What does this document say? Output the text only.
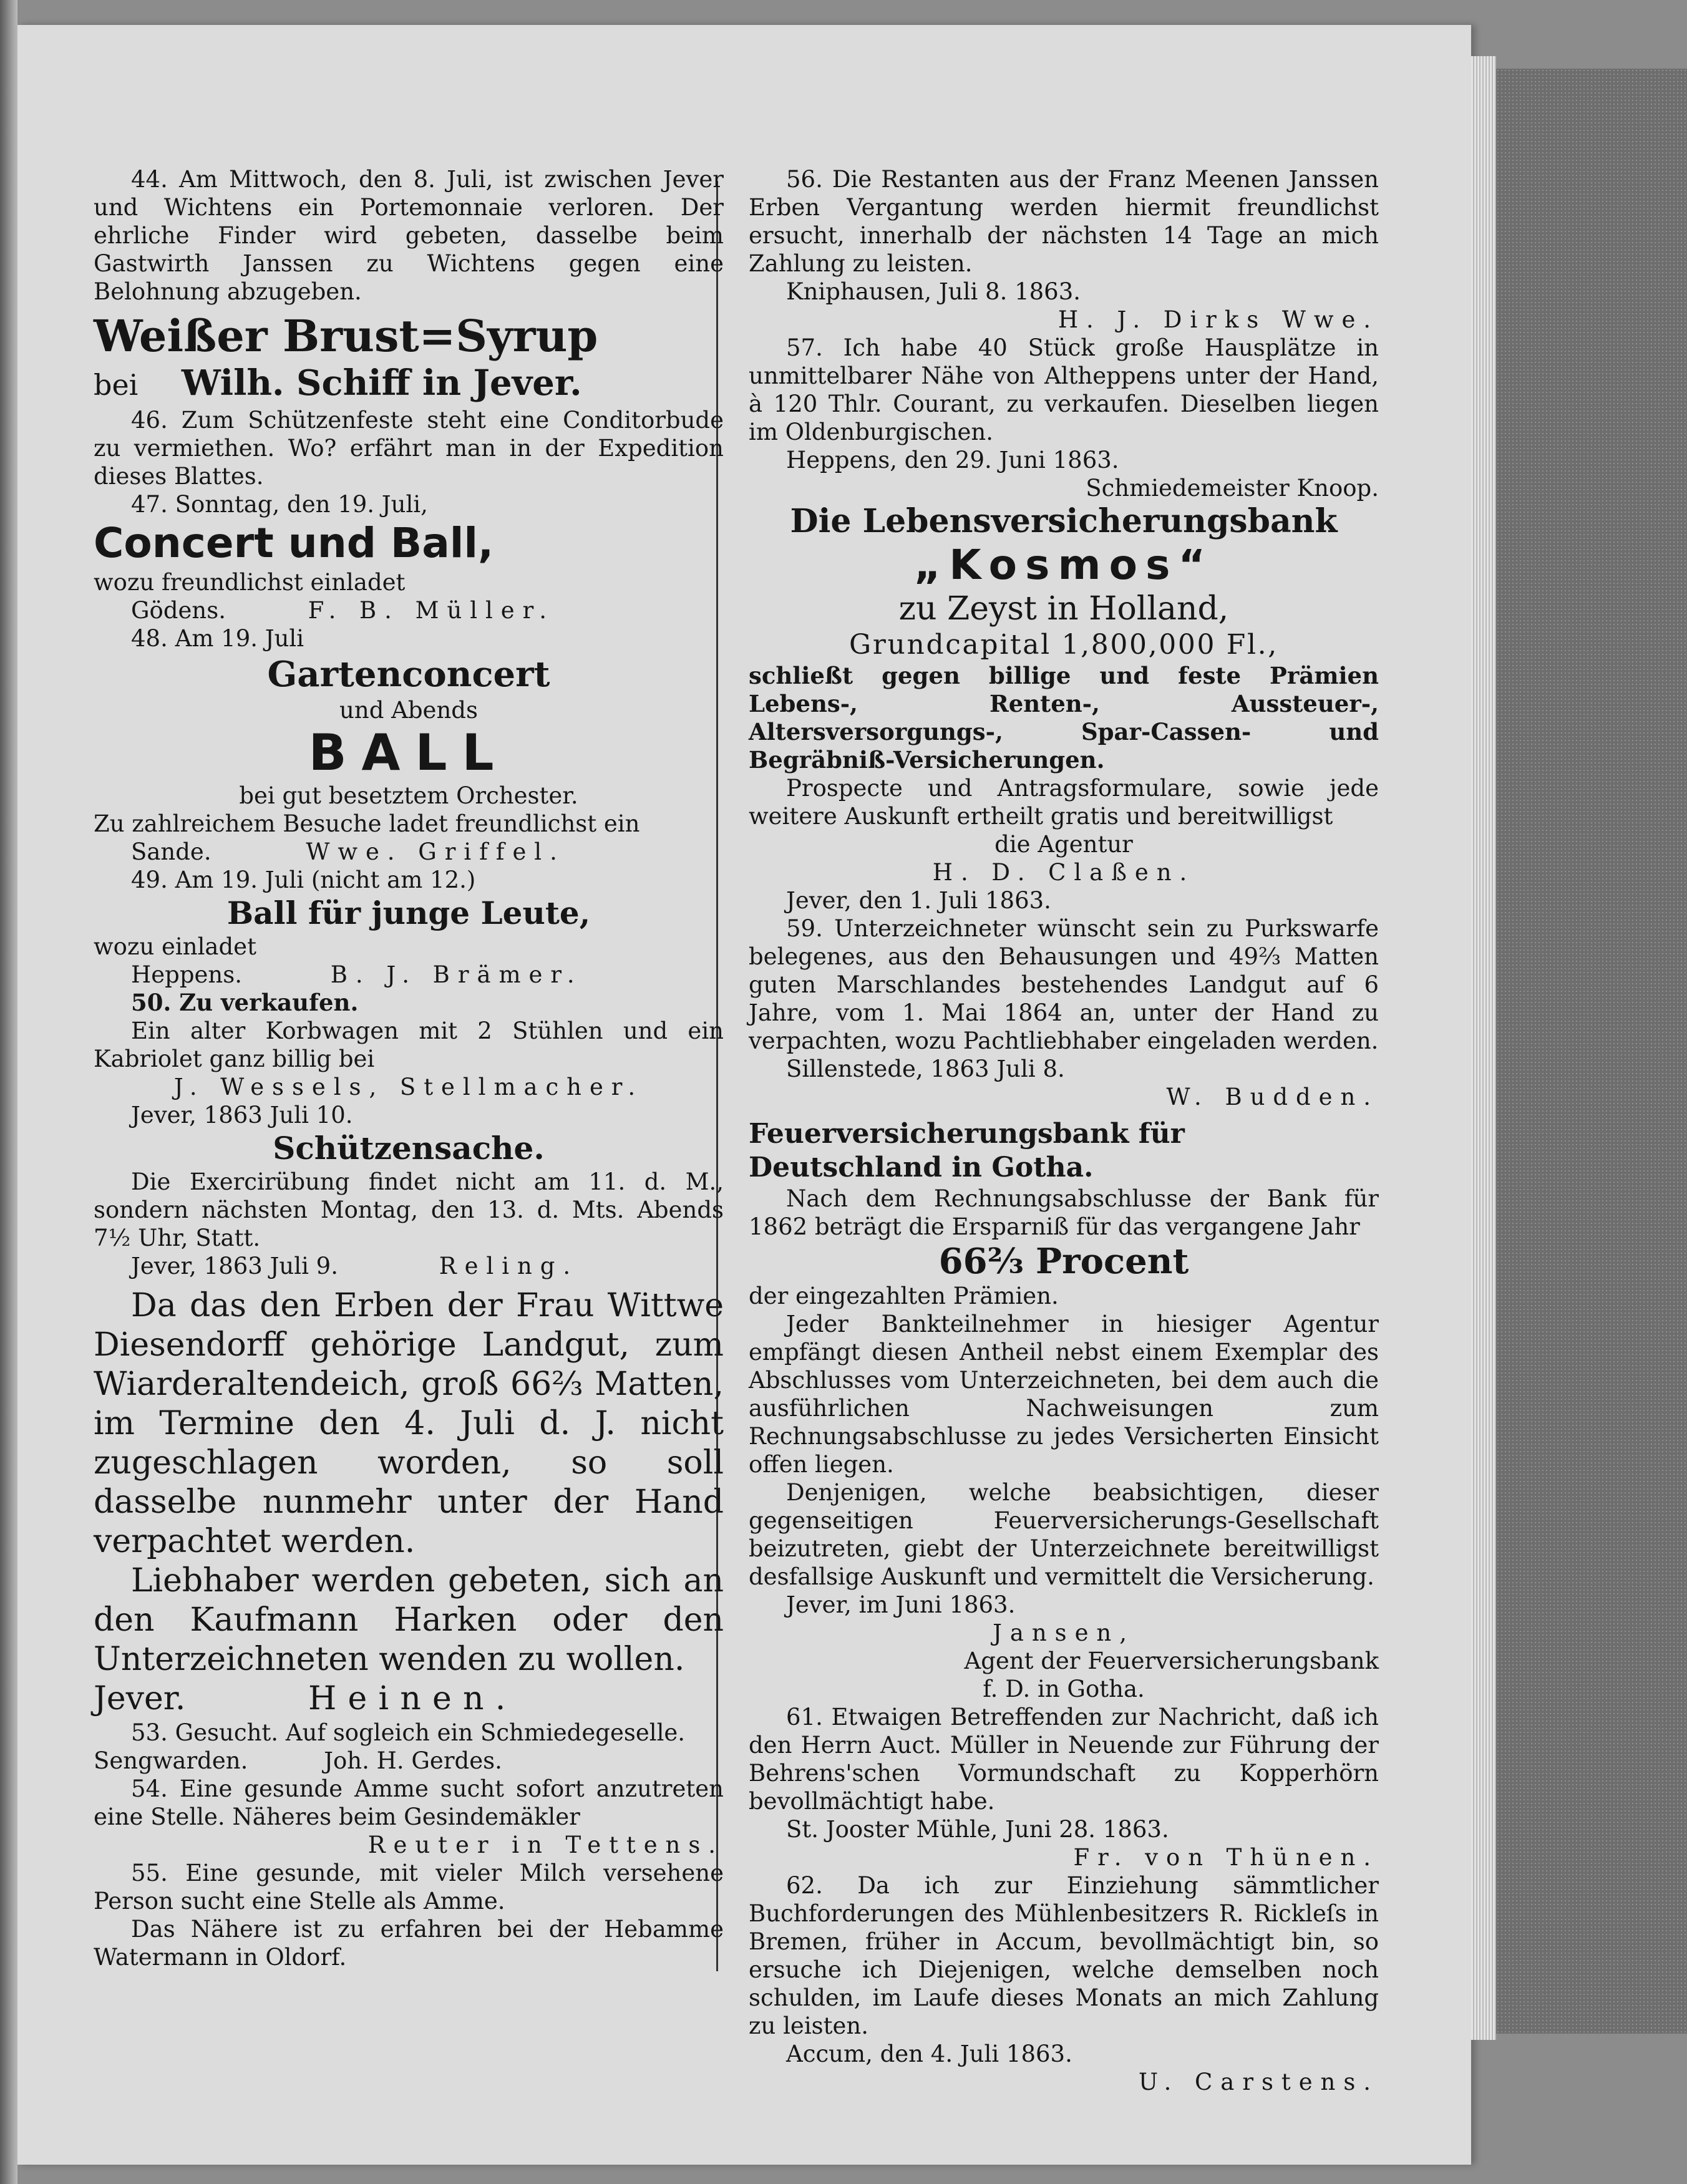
44. Am Mittwoch, den 8. Juli, ist zwischen Jever und Wichtens ein Portemonnaie verloren. Der ehrliche Finder wird gebeten, dasselbe beim Gastwirth Janssen zu Wichtens gegen eine Belohnung abzugeben.

Weißer Brust=Syrup

bei Wilh. Schiff in Jever.

46. Zum Schützenfeste steht eine Conditorbude zu vermiethen. Wo? erfährt man in der Expedition dieses Blattes.

47. Sonntag, den 19. Juli,

Concert und Ball,

wozu freundlichst einladet

Gödens.	F. B. Müller.

48. Am 19. Juli

Gartenconcert

und Abends

BALL

bei gut besetztem Orchester.

Zu zahlreichem Besuche ladet freundlichst ein

Sande.	Wwe. Griffel.

49. Am 19. Juli (nicht am 12.)

Ball für junge Leute,

wozu einladet

Heppens.	B. J. Brämer.

50. Zu verkaufen.

Ein alter Korbwagen mit 2 Stühlen und ein Kabriolet ganz billig bei

J. Wessels, Stellmacher.

Jever, 1863 Juli 10.

Schützensache.

Die Exercirübung findet nicht am 11. d. M., sondern nächsten Montag, den 13. d. Mts. Abends 7½ Uhr, Statt.

Jever, 1863 Juli 9.	Reling.

Da das den Erben der Frau Wittwe Diesendorff gehörige Landgut, zum Wiarderaltendeich, groß 66⅔ Matten, im Termine den 4. Juli d. J. nicht zugeschlagen worden, so soll dasselbe nunmehr unter der Hand verpachtet werden.

Liebhaber werden gebeten, sich an den Kaufmann Harken oder den Unterzeichneten wenden zu wollen.

Jever.	Heinen.

53. Gesucht. Auf sogleich ein Schmiedegeselle.

Sengwarden.	Joh. H. Gerdes.

54. Eine gesunde Amme sucht sofort anzutreten eine Stelle. Näheres beim Gesindemäkler

Reuter in Tettens.

55. Eine gesunde, mit vieler Milch versehene Person sucht eine Stelle als Amme.

Das Nähere ist zu erfahren bei der Hebamme Watermann in Oldorf.

56. Die Restanten aus der Franz Meenen Janssen Erben Vergantung werden hiermit freundlichst ersucht, innerhalb der nächsten 14 Tage an mich Zahlung zu leisten.

Kniphausen, Juli 8. 1863.

H. J. Dirks Wwe.

57. Ich habe 40 Stück große Hausplätze in unmittelbarer Nähe von Altheppens unter der Hand, à 120 Thlr. Courant, zu verkaufen. Dieselben liegen im Oldenburgischen.

Heppens, den 29. Juni 1863.

Schmiedemeister Knoop.

Die Lebensversicherungsbank

„Kosmos“

zu Zeyst in Holland,

Grundcapital 1,800,000 Fl.,

schließt gegen billige und feste Prämien Lebens-, Renten-, Aussteuer-, Altersversorgungs-, Spar-Cassen- und Begräbniß-Versicherungen.

Prospecte und Antragsformulare, sowie jede weitere Auskunft ertheilt gratis und bereitwilligst

die Agentur

H. D. Claßen.

Jever, den 1. Juli 1863.

59. Unterzeichneter wünscht sein zu Purkswarfe belegenes, aus den Behausungen und 49⅔ Matten guten Marschlandes bestehendes Landgut auf 6 Jahre, vom 1. Mai 1864 an, unter der Hand zu verpachten, wozu Pachtliebhaber eingeladen werden.

Sillenstede, 1863 Juli 8.

W. Budden.

Feuerversicherungsbank für Deutschland in Gotha.

Nach dem Rechnungsabschlusse der Bank für 1862 beträgt die Ersparniß für das vergangene Jahr

66⅔ Procent

der eingezahlten Prämien.

Jeder Bankteilnehmer in hiesiger Agentur empfängt diesen Antheil nebst einem Exemplar des Abschlusses vom Unterzeichneten, bei dem auch die ausführlichen Nachweisungen zum Rechnungsabschlusse zu jedes Versicherten Einsicht offen liegen.

Denjenigen, welche beabsichtigen, dieser gegenseitigen Feuerversicherungs-Gesellschaft beizutreten, giebt der Unterzeichnete bereitwilligst desfallsige Auskunft und vermittelt die Versicherung.

Jever, im Juni 1863.

Jansen,

Agent der Feuerversicherungsbank

f. D. in Gotha.

61. Etwaigen Betreffenden zur Nachricht, daß ich den Herrn Auct. Müller in Neuende zur Führung der Behrens'schen Vormundschaft zu Kopperhörn bevollmächtigt habe.

St. Jooster Mühle, Juni 28. 1863.

Fr. von Thünen.

62. Da ich zur Einziehung sämmtlicher Buchforderungen des Mühlenbesitzers R. Rickleſs in Bremen, früher in Accum, bevollmächtigt bin, so ersuche ich Diejenigen, welche demselben noch schulden, im Laufe dieses Monats an mich Zahlung zu leisten.

Accum, den 4. Juli 1863.

U. Carstens.
